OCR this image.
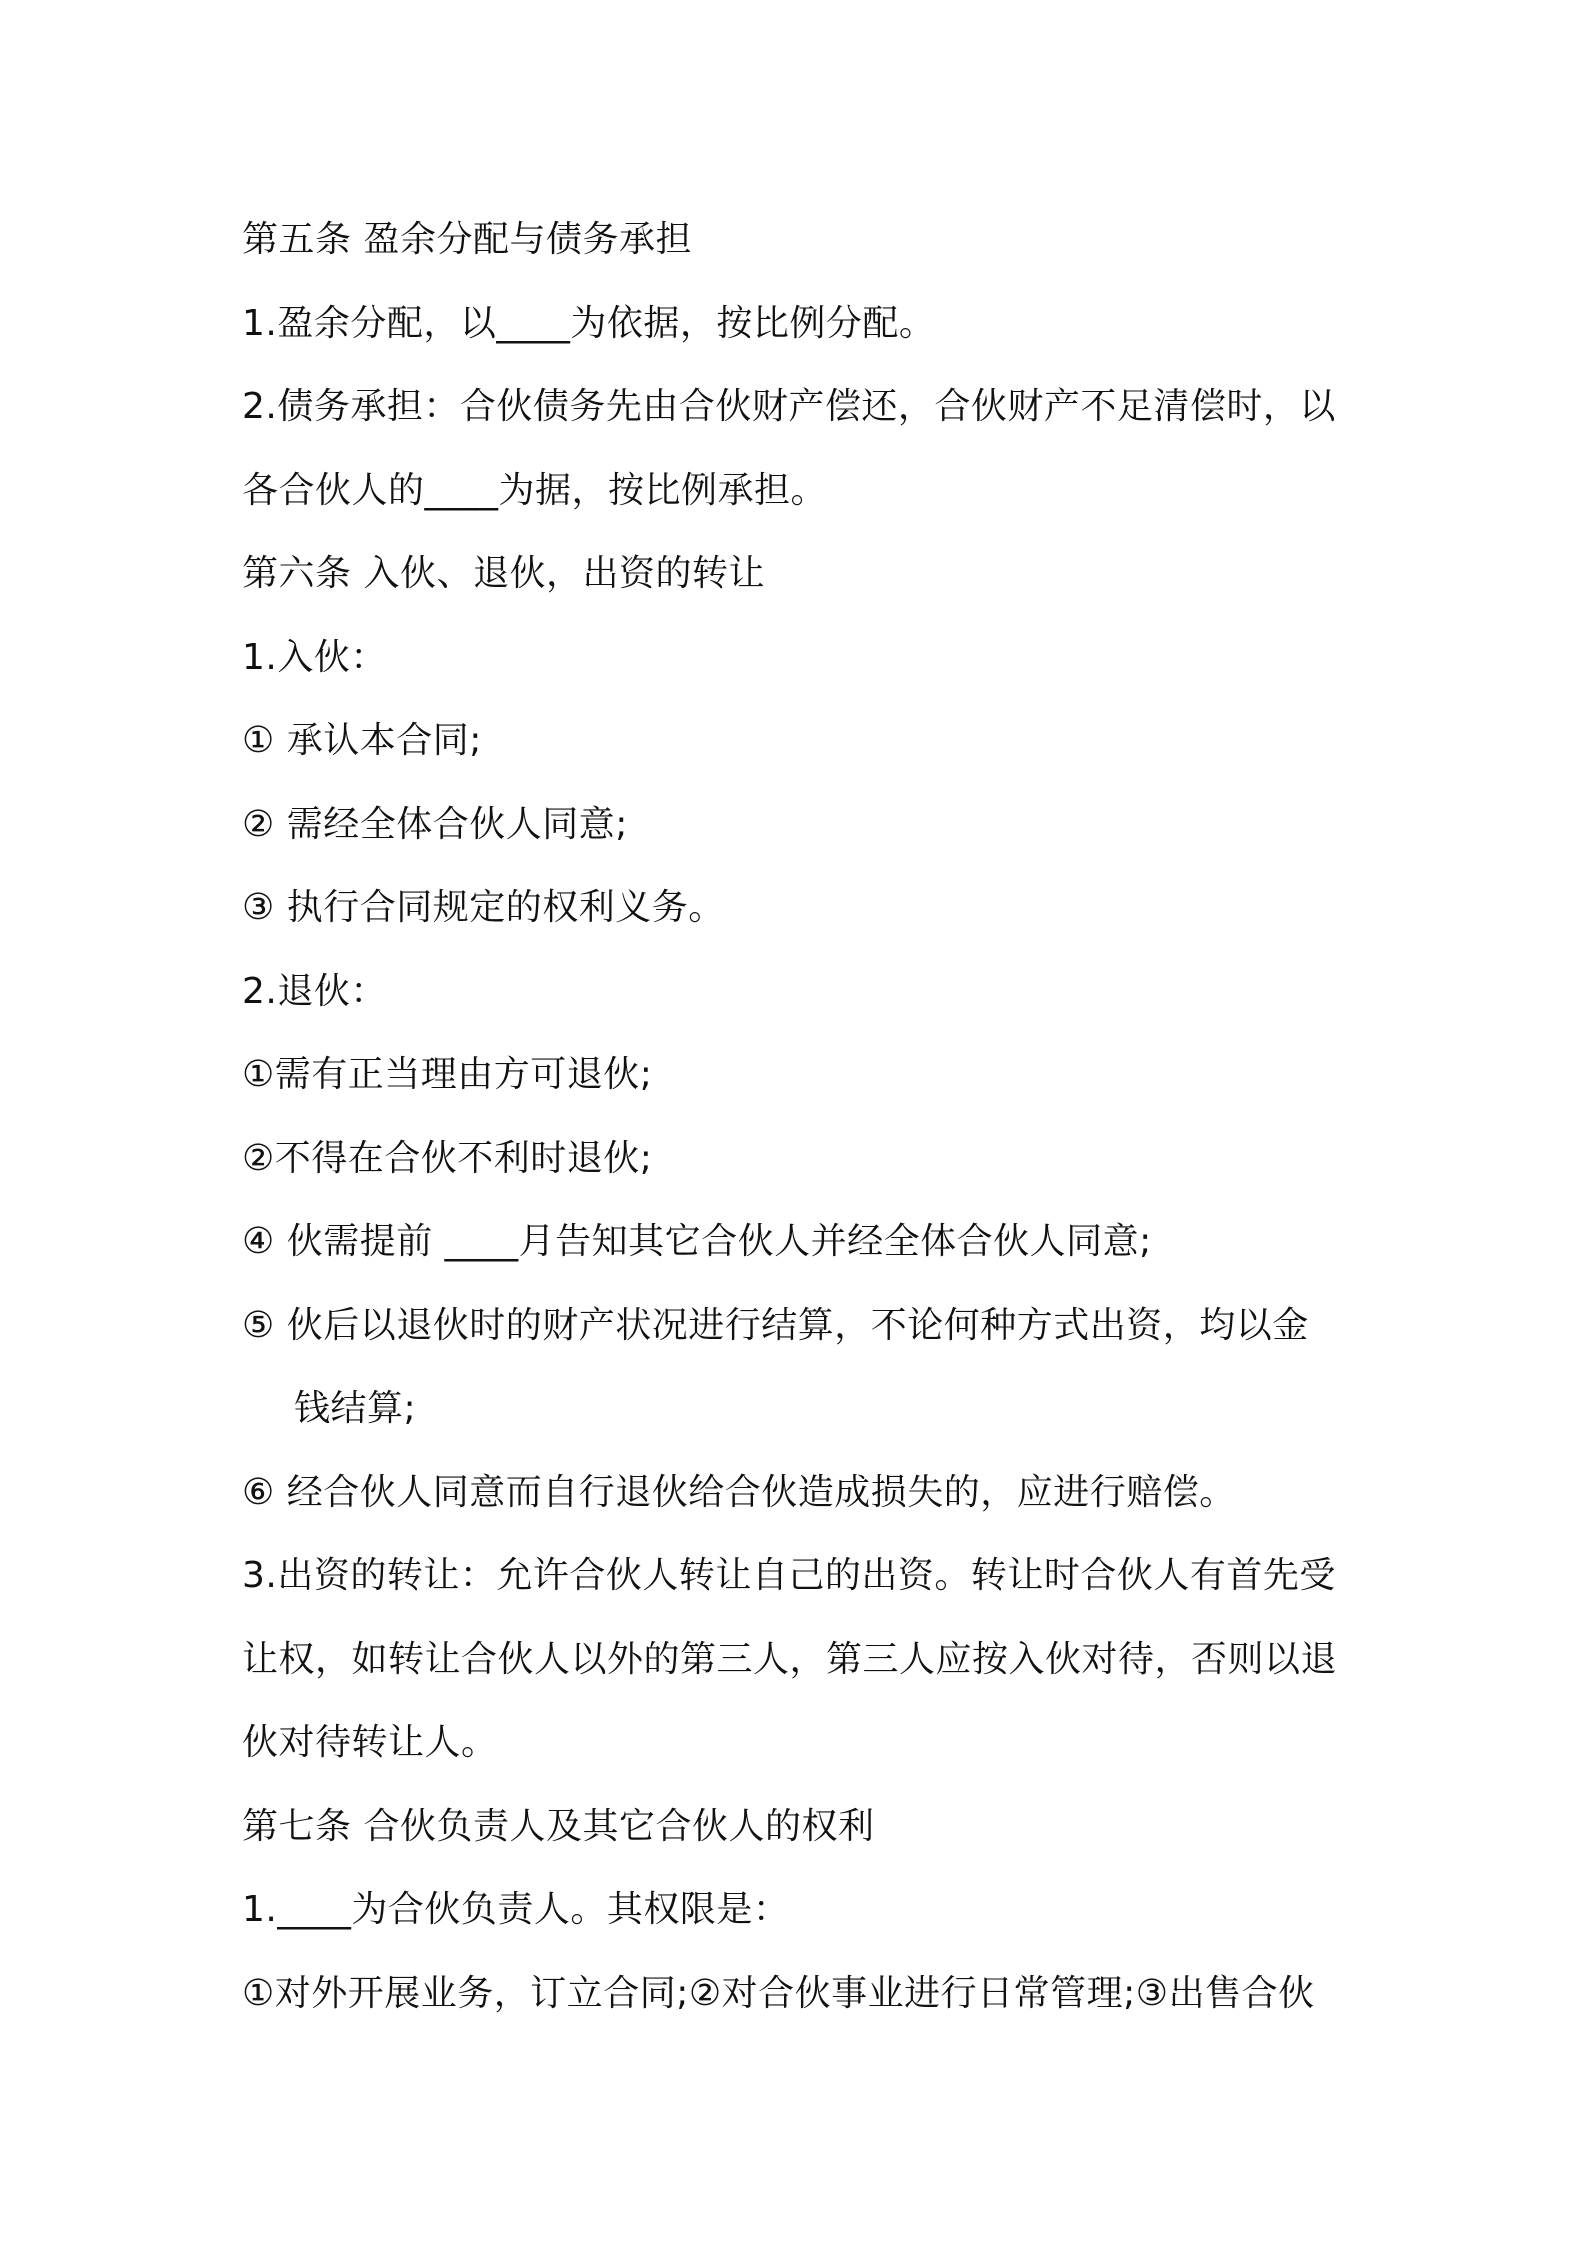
第五条 盈余分配与债务承担
1.盈余分配，以____为依据，按比例分配。
2.债务承担：合伙债务先由合伙财产偿还，合伙财产不足清偿时，以
各合伙人的____为据，按比例承担。
第六条 入伙、退伙，出资的转让
1.入伙：
① 承认本合同;
② 需经全体合伙人同意;
③ 执行合同规定的权利义务。
2.退伙：
①需有正当理由方可退伙;
②不得在合伙不利时退伙;
④ 伙需提前 ____月告知其它合伙人并经全体合伙人同意;
⑤ 伙后以退伙时的财产状况进行结算，不论何种方式出资，均以金
钱结算;
⑥ 经合伙人同意而自行退伙给合伙造成损失的，应进行赔偿。
3.出资的转让：允许合伙人转让自己的出资。转让时合伙人有首先受
让权，如转让合伙人以外的第三人，第三人应按入伙对待，否则以退
伙对待转让人。
第七条 合伙负责人及其它合伙人的权利
1.____为合伙负责人。其权限是：
①对外开展业务，订立合同;②对合伙事业进行日常管理;③出售合伙
